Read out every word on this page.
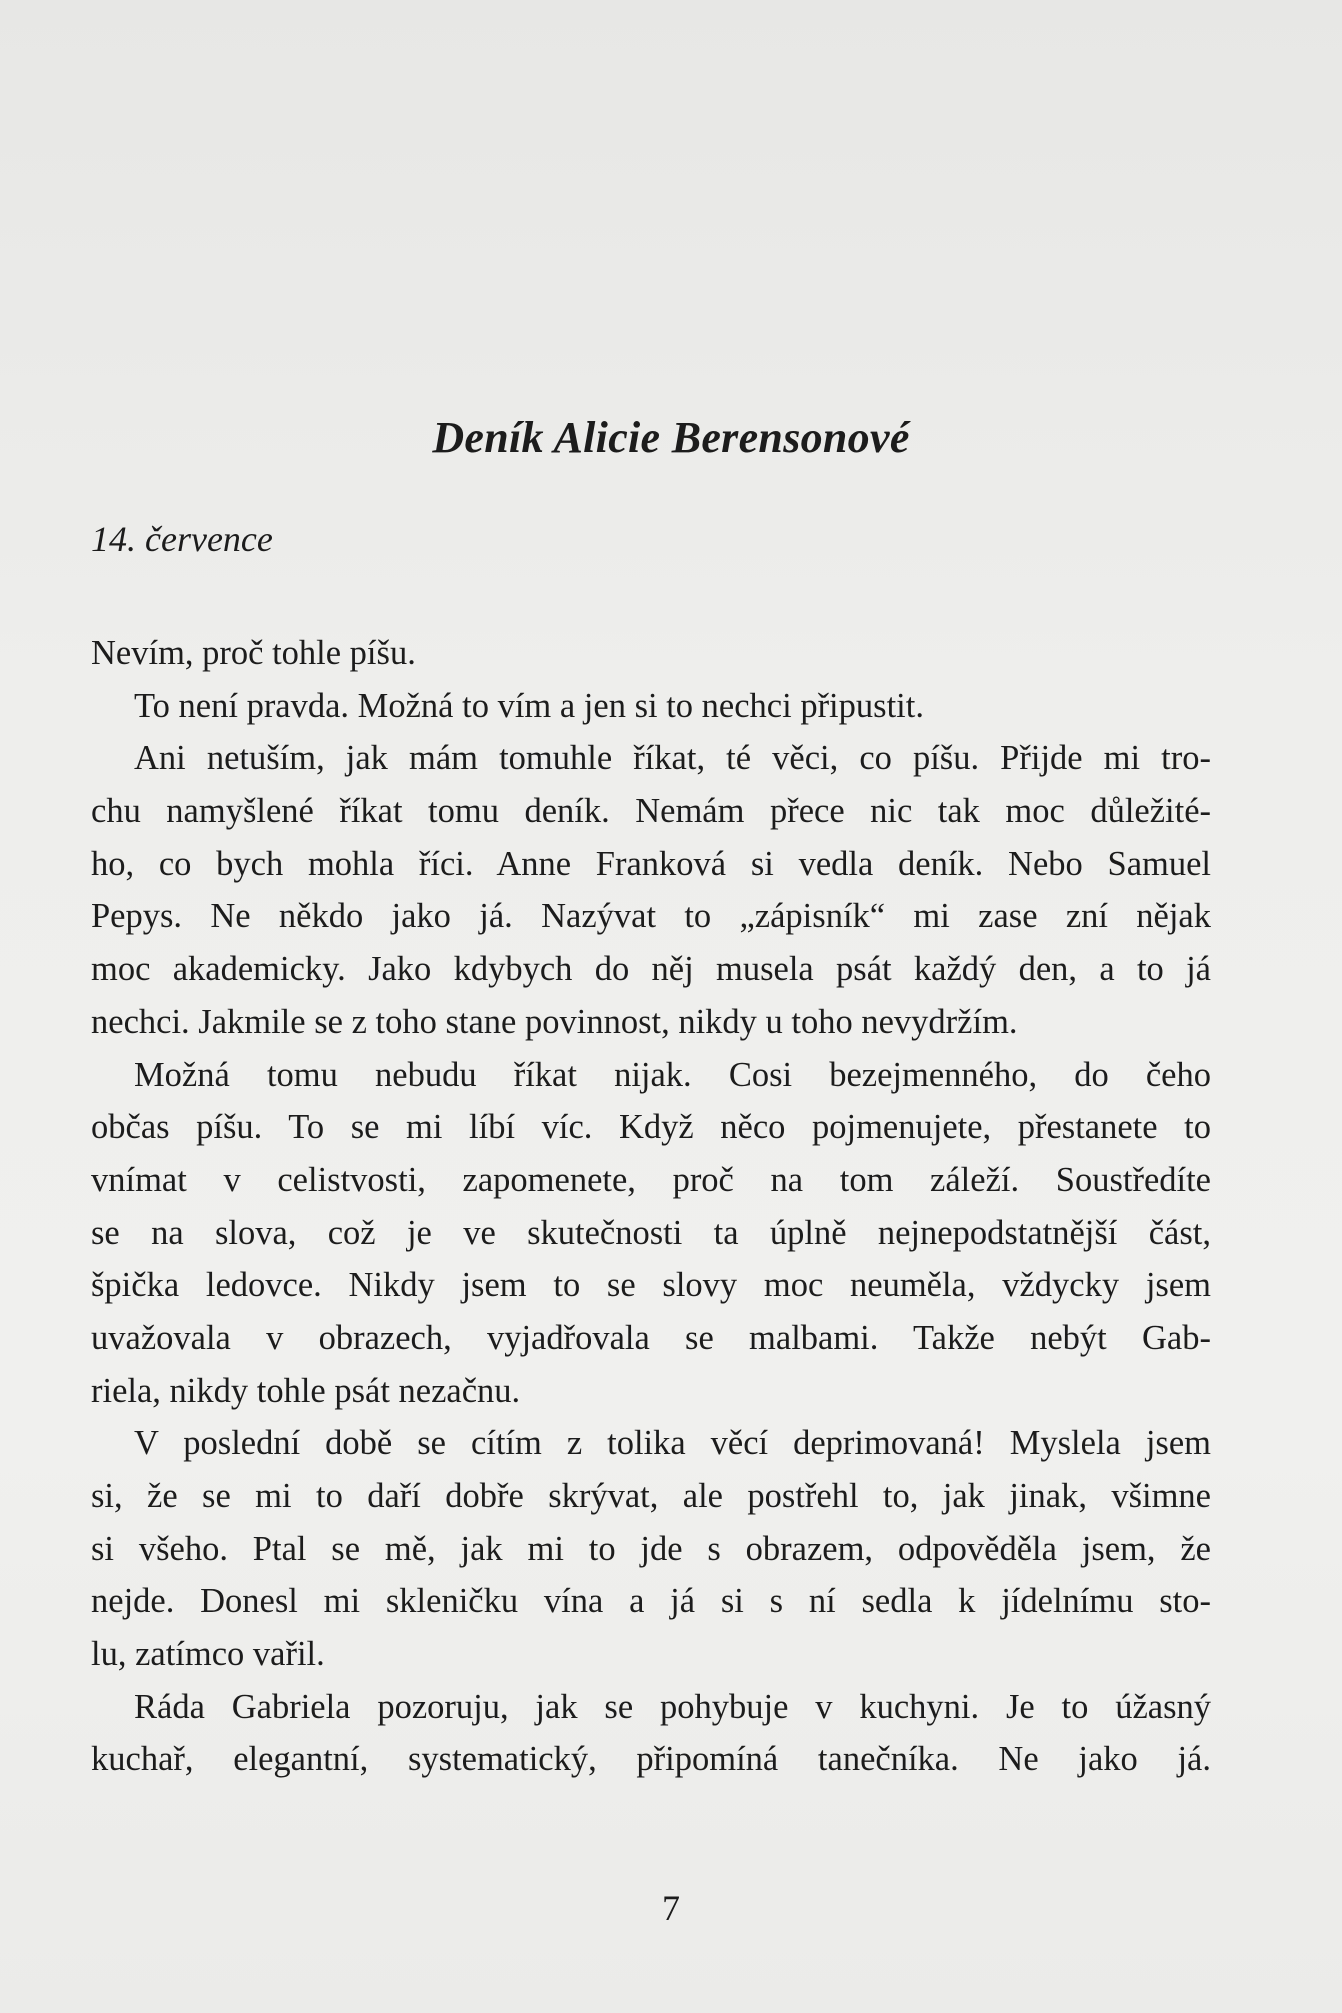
Deník Alicie Berensonové
14. července
Nevím, proč tohle píšu.
To není pravda. Možná to vím a jen si to nechci připustit.
Ani netuším, jak mám tomuhle říkat, té věci, co píšu. Přijde mi tro-
chu namyšlené říkat tomu deník. Nemám přece nic tak moc důležité-
ho, co bych mohla říci. Anne Franková si vedla deník. Nebo Samuel
Pepys. Ne někdo jako já. Nazývat to „zápisník“ mi zase zní nějak
moc akademicky. Jako kdybych do něj musela psát každý den, a to já
nechci. Jakmile se z toho stane povinnost, nikdy u toho nevydržím.
Možná tomu nebudu říkat nijak. Cosi bezejmenného, do čeho
občas píšu. To se mi líbí víc. Když něco pojmenujete, přestanete to
vnímat v celistvosti, zapomenete, proč na tom záleží. Soustředíte
se na slova, což je ve skutečnosti ta úplně nejnepodstatnější část,
špička ledovce. Nikdy jsem to se slovy moc neuměla, vždycky jsem
uvažovala v obrazech, vyjadřovala se malbami. Takže nebýt Gab-
riela, nikdy tohle psát nezačnu.
V poslední době se cítím z tolika věcí deprimovaná! Myslela jsem
si, že se mi to daří dobře skrývat, ale postřehl to, jak jinak, všimne
si všeho. Ptal se mě, jak mi to jde s obrazem, odpověděla jsem, že
nejde. Donesl mi skleničku vína a já si s ní sedla k jídelnímu sto-
lu, zatímco vařil.
Ráda Gabriela pozoruju, jak se pohybuje v kuchyni. Je to úžasný
kuchař, elegantní, systematický, připomíná tanečníka. Ne jako já.
7
